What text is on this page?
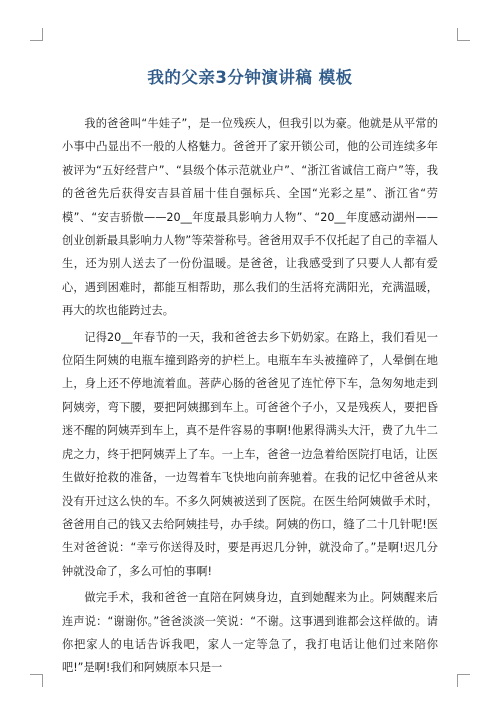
我的父亲3分钟演讲稿 模板

我的爸爸叫“牛娃子”，是一位残疾人，但我引以为豪。他就是从平常的小事中凸显出不一般的人格魅力。爸爸开了家开锁公司，他的公司连续多年被评为“五好经营户”、“县级个体示范就业户”、“浙江省诚信工商户”等，我的爸爸先后获得安吉县首届十佳自强标兵、全国“光彩之星”、浙江省“劳模”、“安吉骄傲——20__年度最具影响力人物”、“20__年度感动湖州——创业创新最具影响力人物”等荣誉称号。爸爸用双手不仅托起了自己的幸福人生，还为别人送去了一份份温暖。是爸爸，让我感受到了只要人人都有爱心，遇到困难时，都能互相帮助，那么我们的生活将充满阳光，充满温暖，再大的坎也能跨过去。

记得20__年春节的一天，我和爸爸去乡下奶奶家。在路上，我们看见一位陌生阿姨的电瓶车撞到路旁的护栏上。电瓶车车头被撞碎了，人晕倒在地上，身上还不停地流着血。菩萨心肠的爸爸见了连忙停下车，急匆匆地走到阿姨旁，弯下腰，要把阿姨挪到车上。可爸爸个子小，又是残疾人，要把昏迷不醒的阿姨弄到车上，真不是件容易的事啊!他累得满头大汗，费了九牛二虎之力，终于把阿姨弄上了车。一上车，爸爸一边急着给医院打电话，让医生做好抢救的准备，一边驾着车飞快地向前奔驰着。在我的记忆中爸爸从来没有开过这么快的车。不多久阿姨被送到了医院。在医生给阿姨做手术时，爸爸用自己的钱又去给阿姨挂号，办手续。阿姨的伤口，缝了二十几针呢!医生对爸爸说：“幸亏你送得及时，要是再迟几分钟，就没命了。”是啊!迟几分钟就没命了，多么可怕的事啊!

做完手术，我和爸爸一直陪在阿姨身边，直到她醒来为止。阿姨醒来后连声说：“谢谢你。”爸爸淡淡一笑说：“不谢。这事遇到谁都会这样做的。请你把家人的电话告诉我吧，家人一定等急了，我打电话让他们过来陪你吧!”是啊!我们和阿姨原本只是一
